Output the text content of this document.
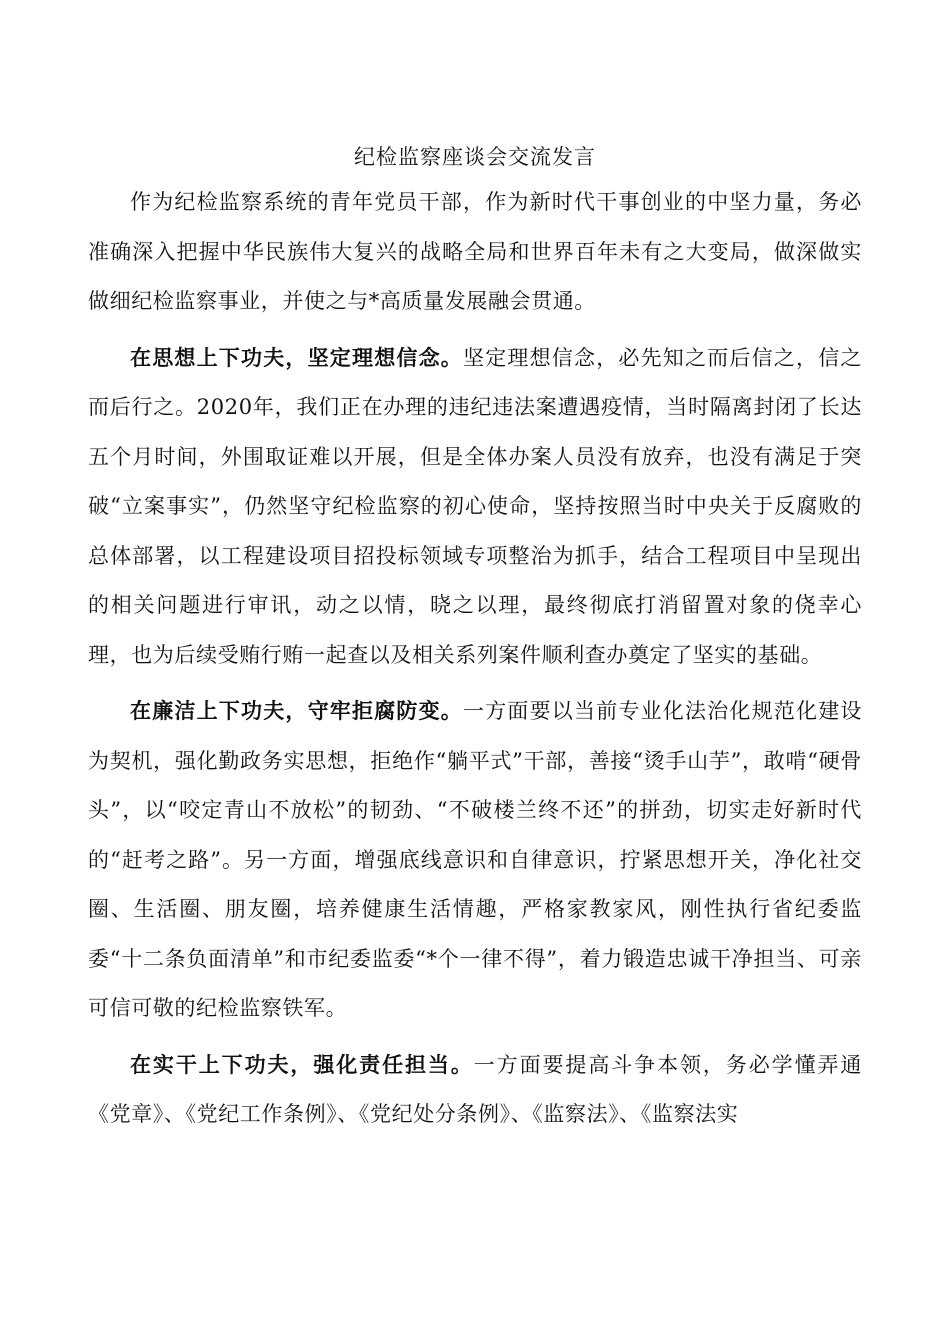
纪检监察座谈会交流发言

作为纪检监察系统的青年党员干部，作为新时代干事创业的中坚力量，务必准确深入把握中华民族伟大复兴的战略全局和世界百年未有之大变局，做深做实做细纪检监察事业，并使之与*高质量发展融会贯通。

在思想上下功夫，坚定理想信念。坚定理想信念，必先知之而后信之，信之而后行之。2020年，我们正在办理的违纪违法案遭遇疫情，当时隔离封闭了长达五个月时间，外围取证难以开展，但是全体办案人员没有放弃，也没有满足于突破“立案事实”，仍然坚守纪检监察的初心使命，坚持按照当时中央关于反腐败的总体部署，以工程建设项目招投标领域专项整治为抓手，结合工程项目中呈现出的相关问题进行审讯，动之以情，晓之以理，最终彻底打消留置对象的侥幸心理，也为后续受贿行贿一起查以及相关系列案件顺利查办奠定了坚实的基础。

在廉洁上下功夫，守牢拒腐防变。一方面要以当前专业化法治化规范化建设为契机，强化勤政务实思想，拒绝作“躺平式”干部，善接“烫手山芋”，敢啃“硬骨头”，以“咬定青山不放松”的韧劲、“不破楼兰终不还”的拼劲，切实走好新时代的“赶考之路”。另一方面，增强底线意识和自律意识，拧紧思想开关，净化社交圈、生活圈、朋友圈，培养健康生活情趣，严格家教家风，刚性执行省纪委监委“十二条负面清单”和市纪委监委“*个一律不得”，着力锻造忠诚干净担当、可亲可信可敬的纪检监察铁军。

在实干上下功夫，强化责任担当。一方面要提高斗争本领，务必学懂弄通《党章》、《党纪工作条例》、《党纪处分条例》、《监察法》、《监察法实
